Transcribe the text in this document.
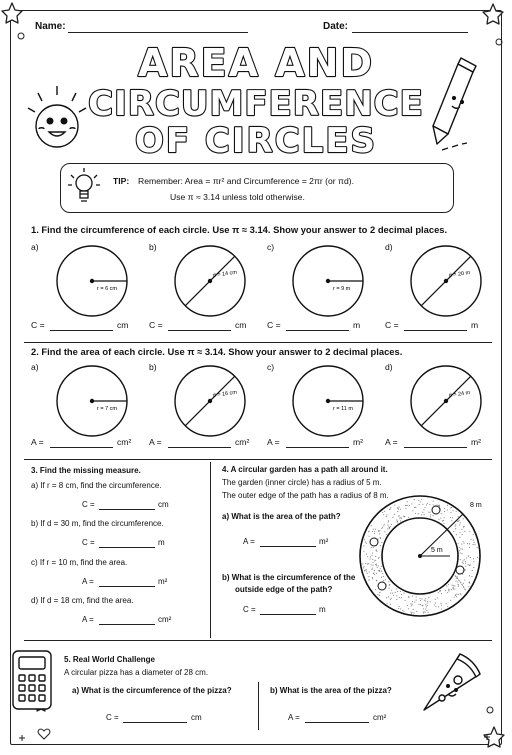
Name:	Date:
AREA AND
CIRCUMFERENCE
OF CIRCLES
TIP: Remember: Area = πr² and Circumference = 2πr (or πd).
Use π ≈ 3.14 unless told otherwise.
1. Find the circumference of each circle. Use π ≈ 3.14. Show your answer to 2 decimal places.
a)
r = 6 cm
C =	cm
b)
d = 14 cm
C =	cm
c)
r = 9 m
C =	m
d)
d = 20 m
C =	m
2. Find the area of each circle. Use π ≈ 3.14. Show your answer to 2 decimal places.
a)
r = 7 cm
A =	cm²
b)
d = 16 cm
A =	cm²
c)
r = 11 m
A =	m²
d)
d = 24 m
A =	m²
3. Find the missing measure.
a) If r = 8 cm, find the circumference.
C =	cm
b) If d = 30 m, find the circumference.
C =	m
c) If r = 10 m, find the area.
A =	m²
d) If d = 18 cm, find the area.
A =	cm²
4. A circular garden has a path all around it.
The garden (inner circle) has a radius of 5 m.
The outer edge of the path has a radius of 8 m.
a) What is the area of the path?
A =	m²
b) What is the circumference of the
outside edge of the path?
C =	m
8 m
5 m
5. Real World Challenge
A circular pizza has a diameter of 28 cm.
a) What is the circumference of the pizza?
C =	cm
b) What is the area of the pizza?
A =	cm²
